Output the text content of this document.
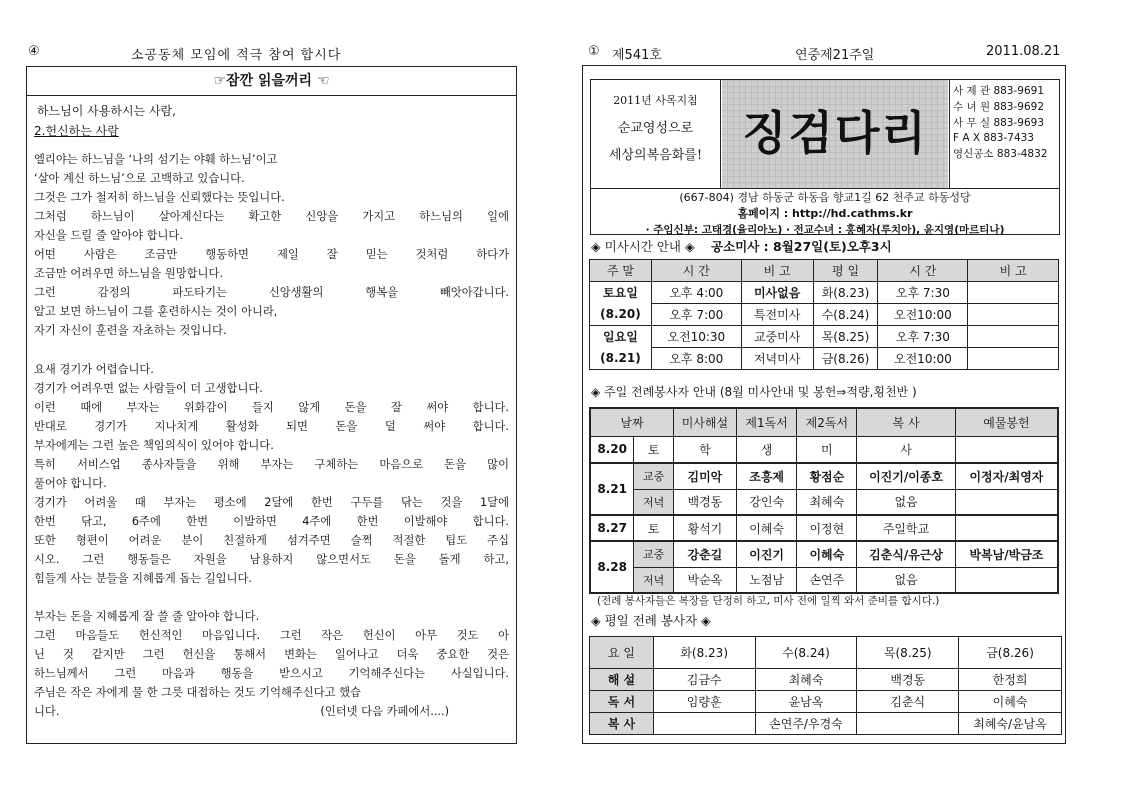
④	소공동체 모임에 적극 참여 합시다
☞잠깐 읽을꺼리 ☜
하느님이 사용하시는 사람,
2.헌신하는 사람
엘리야는 하느님을 ‘나의 섬기는 야훼 하느님’이고
‘살아 계신 하느님’으로 고백하고 있습니다.
그것은 그가 철저히 하느님을 신뢰했다는 뜻입니다.
그처럼 하느님이 살아계신다는 확고한 신앙을 가지고 하느님의 일에
자신을 드릴 줄 알아야 합니다.
어떤 사람은 조금만 행동하면 제일 잘 믿는 것처럼 하다가
조금만 어려우면 하느님을 원망합니다.
그런 감정의 파도타기는 신앙생활의 행복을 빼앗아갑니다.
알고 보면 하느님이 그를 훈련하시는 것이 아니라,
자기 자신이 훈련을 자초하는 것입니다.
요새 경기가 어렵습니다.
경기가 어려우면 없는 사람들이 더 고생합니다.
이런 때에 부자는 위화감이 들지 않게 돈을 잘 써야 합니다.
반대로 경기가 지나치게 활성화 되면 돈을 덜 써야 합니다.
부자에게는 그런 높은 책임의식이 있어야 합니다.
특히 서비스업 종사자들을 위해 부자는 구체하는 마음으로 돈을 많이
풀어야 합니다.
경기가 어려울 때 부자는 평소에 2달에 한번 구두를 닦는 것을 1달에
한번 닦고, 6주에 한번 이발하면 4주에 한번 이발해야 합니다.
또한 형편이 어려운 분이 친절하게 섬겨주면 슬쩍 적절한 팁도 주십
시오. 그런 행동들은 자원을 남용하지 않으면서도 돈을 돌게 하고,
힘들게 사는 분들을 지혜롭게 돕는 길입니다.
부자는 돈을 지혜롭게 잘 쓸 줄 알아야 합니다.
그런 마음들도 헌신적인 마음입니다. 그런 작은 헌신이 아무 것도 아
닌 것 같지만 그런 헌신을 통해서 변화는 일어나고 더욱 중요한 것은
하느님께서 그런 마음과 행동을 받으시고 기억해주신다는 사실입니다.
주님은 작은 자에게 물 한 그릇 대접하는 것도 기억해주신다고 했습
니다.	(인터넷 다음 카페에서....)
① 제541호	연중제21주일	2011.08.21
2011년 사목지침
순교영성으로
세상의복음화를! 징검다리
사 제 관 883-9691
수 녀 원 883-9692
사 무 실 883-9693
F A X 883-7433
영신공소 883-4832
(667-804) 경남 하동군 하동읍 향교1길 62 천주교 하동성당
홈페이지 : http://hd.cathms.kr
· 주임신부: 고태경(율리아노) · 전교수녀 : 홍혜자(루치아), 윤지영(마르티나)
◈ 미사시간 안내 ◈ 공소미사 : 8월27일(토)오후3시
주 말	시 간	비 고	평 일	시 간	비 고
토요일	오후 4:00	미사없음	화(8.23)	오후 7:30	
(8.20)	오후 7:00	특전미사	수(8.24)	오전10:00	
일요일	오전10:30	교중미사	목(8.25)	오후 7:30	
(8.21)	오후 8:00	저녁미사	금(8.26)	오전10:00	
◈ 주일 전례봉사자 안내 (8월 미사안내 및 봉헌⇒적량,횡천반 )
날짜		미사해설	제1독서	제2독서	복 사	예물봉헌
8.20	토	학	생	미	사	
8.21	교중	김미악	조흥제	황점순	이진기/이종호	이정자/최영자
	저녁	백경동	강인숙	최혜숙	없음	
8.27	토	황석기	이혜숙	이정현	주일학교	
8.28	교중	강춘길	이진기	이혜숙	김춘식/유근상	박복남/박금조
	저녁	박순옥	노점남	손연주	없음	
(전례 봉사자들은 복장을 단정히 하고, 미사 전에 일찍 와서 준비를 합시다.)
◈ 평일 전례 봉사자 ◈
요 일	화(8.23)	수(8.24)	목(8.25)	금(8.26)
해 설	김금수	최혜숙	백경동	한정희
독 서	임량훈	윤남옥	김춘식	이혜숙
복 사		손연주/우경숙		최혜숙/윤남옥
